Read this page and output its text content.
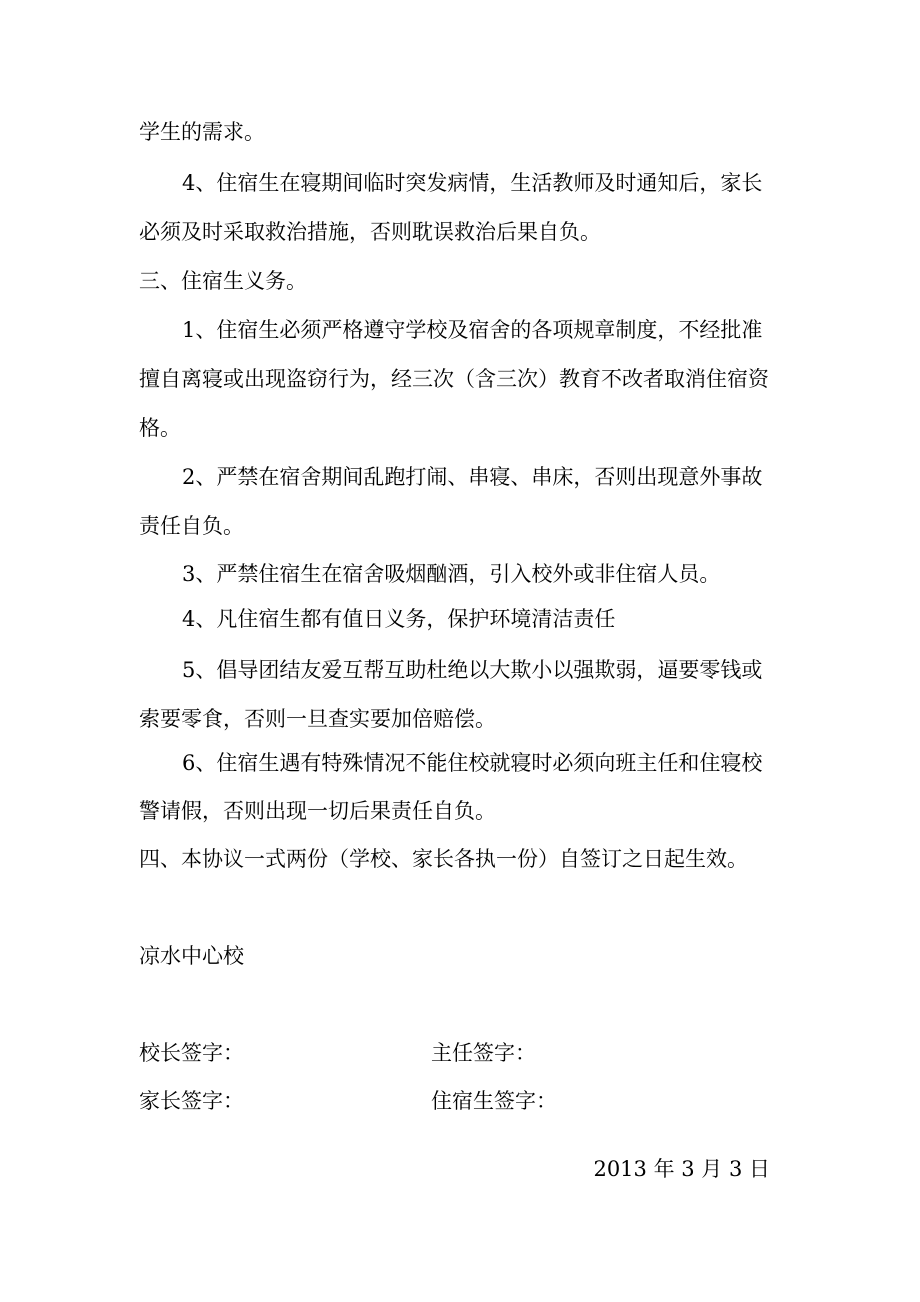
学生的需求。

4、住宿生在寝期间临时突发病情，生活教师及时通知后，家长

必须及时采取救治措施，否则耽误救治后果自负。

三、住宿生义务。

1、住宿生必须严格遵守学校及宿舍的各项规章制度，不经批准

擅自离寝或出现盗窃行为，经三次（含三次）教育不改者取消住宿资

格。

2、严禁在宿舍期间乱跑打闹、串寝、串床，否则出现意外事故

责任自负。

3、严禁住宿生在宿舍吸烟酗酒，引入校外或非住宿人员。

4、凡住宿生都有值日义务，保护环境清洁责任

5、倡导团结友爱互帮互助杜绝以大欺小以强欺弱，逼要零钱或

索要零食，否则一旦查实要加倍赔偿。

6、住宿生遇有特殊情况不能住校就寝时必须向班主任和住寝校

警请假，否则出现一切后果责任自负。

四、本协议一式两份（学校、家长各执一份）自签订之日起生效。

凉水中心校

校长签字：	主任签字：

家长签字：	住宿生签字：

2013 年 3 月 3 日
